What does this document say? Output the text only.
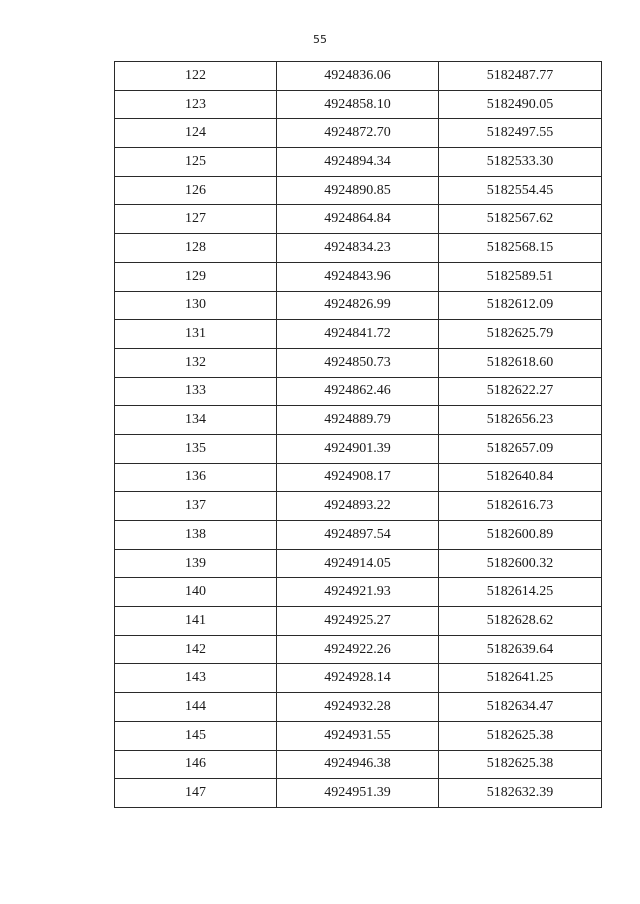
55
122	4924836.06	5182487.77
123	4924858.10	5182490.05
124	4924872.70	5182497.55
125	4924894.34	5182533.30
126	4924890.85	5182554.45
127	4924864.84	5182567.62
128	4924834.23	5182568.15
129	4924843.96	5182589.51
130	4924826.99	5182612.09
131	4924841.72	5182625.79
132	4924850.73	5182618.60
133	4924862.46	5182622.27
134	4924889.79	5182656.23
135	4924901.39	5182657.09
136	4924908.17	5182640.84
137	4924893.22	5182616.73
138	4924897.54	5182600.89
139	4924914.05	5182600.32
140	4924921.93	5182614.25
141	4924925.27	5182628.62
142	4924922.26	5182639.64
143	4924928.14	5182641.25
144	4924932.28	5182634.47
145	4924931.55	5182625.38
146	4924946.38	5182625.38
147	4924951.39	5182632.39
